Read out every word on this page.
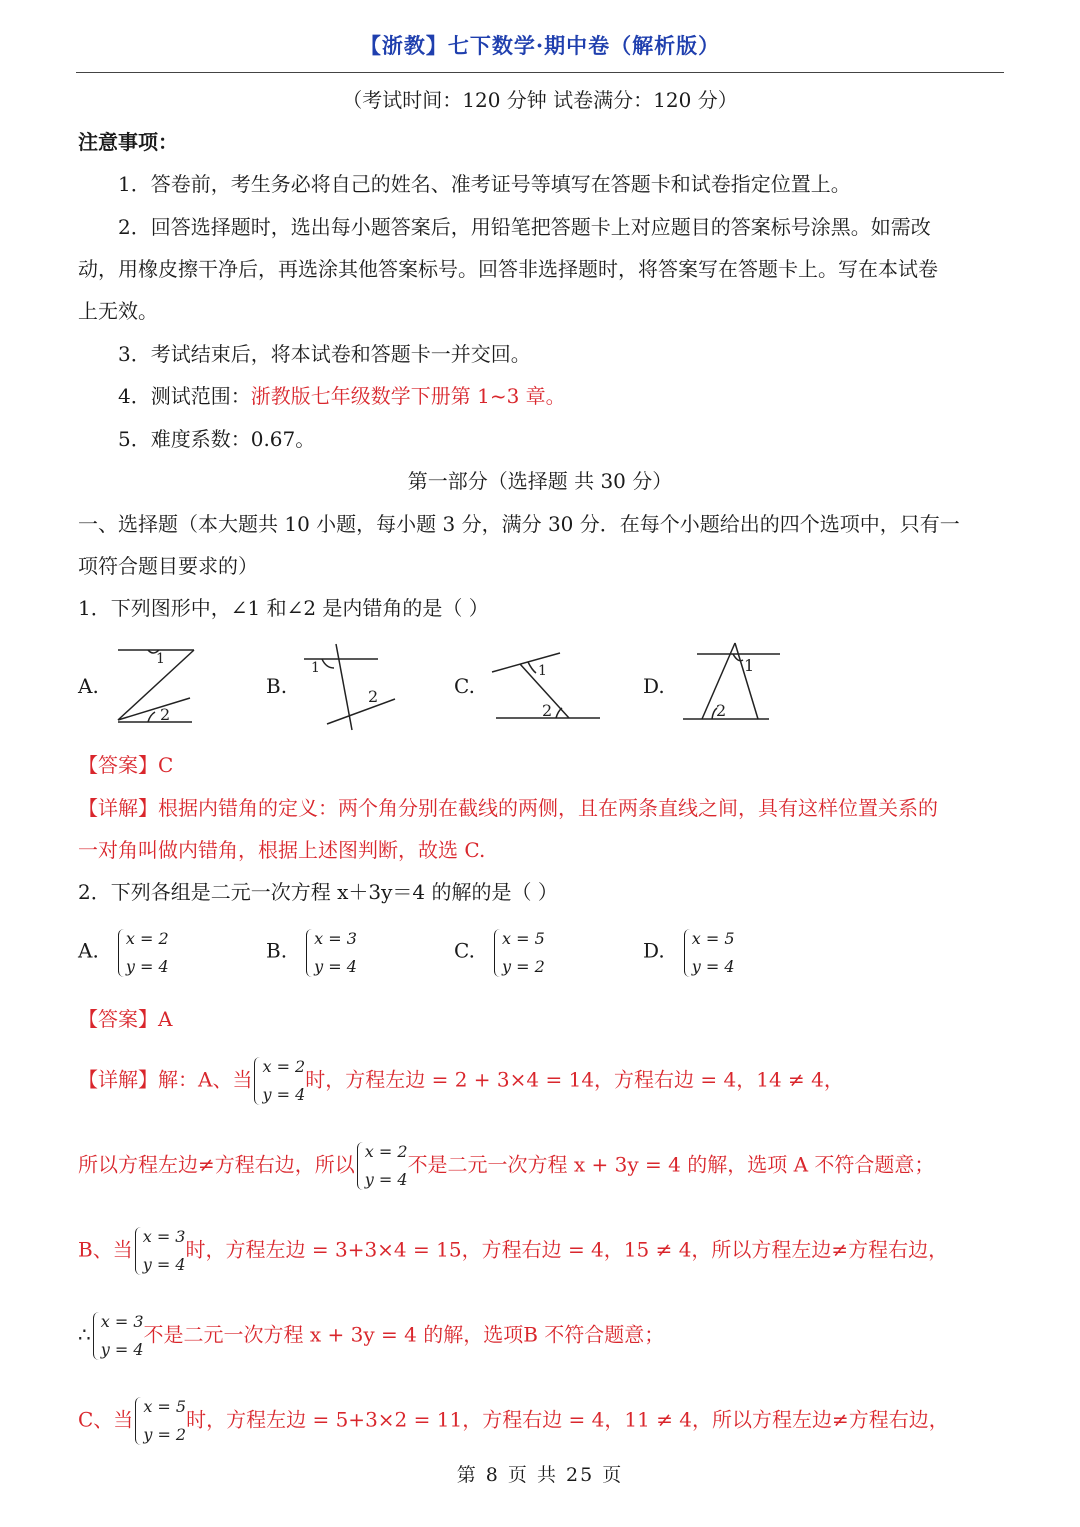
【浙教】七下数学·期中卷（解析版）
（考试时间：120 分钟 试卷满分：120 分）
注意事项：
1．答卷前，考生务必将自己的姓名、准考证号等填写在答题卡和试卷指定位置上。
2．回答选择题时，选出每小题答案后，用铅笔把答题卡上对应题目的答案标号涂黑。如需改
动，用橡皮擦干净后，再选涂其他答案标号。回答非选择题时，将答案写在答题卡上。写在本试卷
上无效。
3．考试结束后，将本试卷和答题卡一并交回。
4．测试范围：浙教版七年级数学下册第 1~3 章。
5．难度系数：0.67。
第一部分（选择题 共 30 分）
一、选择题（本大题共 10 小题，每小题 3 分，满分 30 分．在每个小题给出的四个选项中，只有一
项符合题目要求的）
1．下列图形中，∠1 和∠2 是内错角的是（ ）
A.	B.	C.	D.
1
2
1
2
1
2
1
2
【答案】C
【详解】根据内错角的定义：两个角分别在截线的两侧，且在两条直线之间，具有这样位置关系的
一对角叫做内错角，根据上述图判断，故选 C.
2．下列各组是二元一次方程 x＋3y＝4 的解的是（ ）
A. x = 2
y = 4
B. x = 3
y = 4
C. x = 5
y = 2
D. x = 5
y = 4
【答案】A
【详解】解：A、当
x = 2
y = 4
时，方程左边 = 2 + 3×4 = 14，方程右边 = 4，14 ≠ 4，
所以方程左边≠方程右边，所以
x = 2
y = 4
不是二元一次方程 x + 3y = 4 的解，选项 A 不符合题意；
B、当
x = 3
y = 4
时，方程左边 = 3+3×4 = 15，方程右边 = 4，15 ≠ 4，所以方程左边≠方程右边，
∴
x = 3
y = 4
不是二元一次方程 x + 3y = 4 的解，选项B 不符合题意；
C、当
x = 5
y = 2
时，方程左边 = 5+3×2 = 11，方程右边 = 4，11 ≠ 4，所以方程左边≠方程右边，
第 8 页 共 25 页
